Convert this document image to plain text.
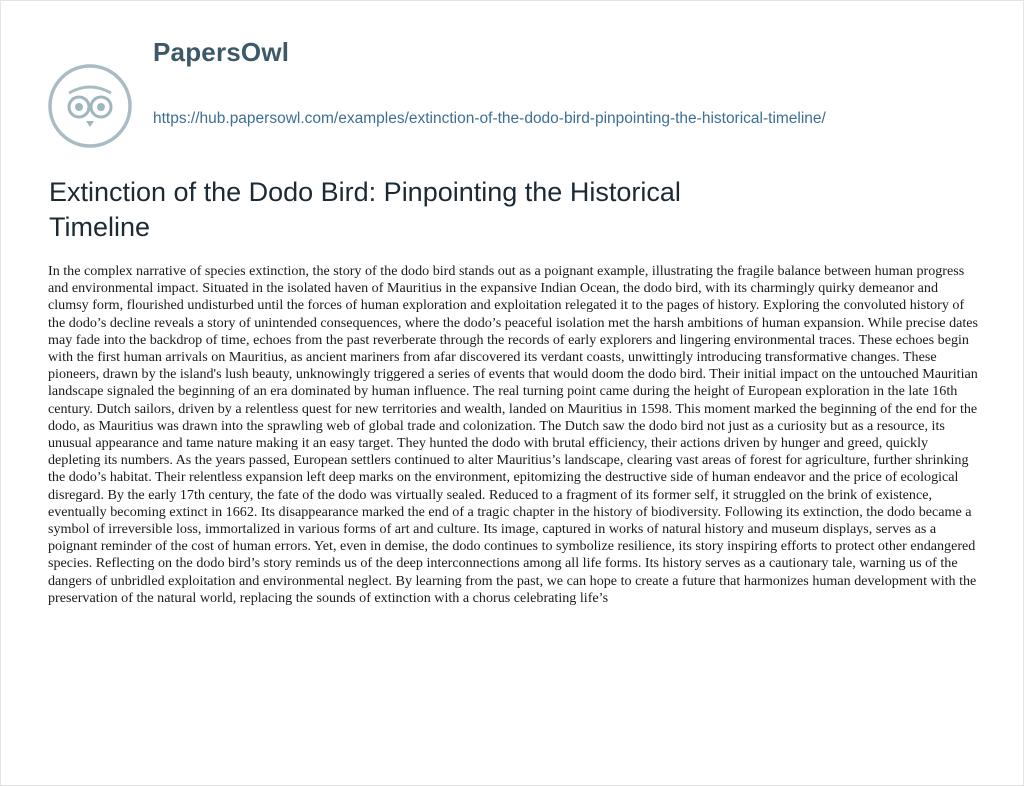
PapersOwl
https://hub.papersowl.com/examples/extinction-of-the-dodo-bird-pinpointing-the-historical-timeline/
Extinction of the Dodo Bird: Pinpointing the Historical Timeline

In the complex narrative of species extinction, the story of the dodo bird stands out as a poignant example, illustrating the fragile balance between human progress and environmental impact. Situated in the isolated haven of Mauritius in the expansive Indian Ocean, the dodo bird, with its charmingly quirky demeanor and clumsy form, flourished undisturbed until the forces of human exploration and exploitation relegated it to the pages of history. Exploring the convoluted history of the dodo’s decline reveals a story of unintended consequences, where the dodo’s peaceful isolation met the harsh ambitions of human expansion. While precise dates may fade into the backdrop of time, echoes from the past reverberate through the records of early explorers and lingering environmental traces. These echoes begin with the first human arrivals on Mauritius, as ancient mariners from afar discovered its verdant coasts, unwittingly introducing transformative changes. These pioneers, drawn by the island's lush beauty, unknowingly triggered a series of events that would doom the dodo bird. Their initial impact on the untouched Mauritian landscape signaled the beginning of an era dominated by human influence. The real turning point came during the height of European exploration in the late 16th century. Dutch sailors, driven by a relentless quest for new territories and wealth, landed on Mauritius in 1598. This moment marked the beginning of the end for the dodo, as Mauritius was drawn into the sprawling web of global trade and colonization. The Dutch saw the dodo bird not just as a curiosity but as a resource, its unusual appearance and tame nature making it an easy target. They hunted the dodo with brutal efficiency, their actions driven by hunger and greed, quickly depleting its numbers. As the years passed, European settlers continued to alter Mauritius’s landscape, clearing vast areas of forest for agriculture, further shrinking the dodo’s habitat. Their relentless expansion left deep marks on the environment, epitomizing the destructive side of human endeavor and the price of ecological disregard. By the early 17th century, the fate of the dodo was virtually sealed. Reduced to a fragment of its former self, it struggled on the brink of existence, eventually becoming extinct in 1662. Its disappearance marked the end of a tragic chapter in the history of biodiversity. Following its extinction, the dodo became a symbol of irreversible loss, immortalized in various forms of art and culture. Its image, captured in works of natural history and museum displays, serves as a poignant reminder of the cost of human errors. Yet, even in demise, the dodo continues to symbolize resilience, its story inspiring efforts to protect other endangered species. Reflecting on the dodo bird’s story reminds us of the deep interconnections among all life forms. Its history serves as a cautionary tale, warning us of the dangers of unbridled exploitation and environmental neglect. By learning from the past, we can hope to create a future that harmonizes human development with the preservation of the natural world, replacing the sounds of extinction with a chorus celebrating life’s
